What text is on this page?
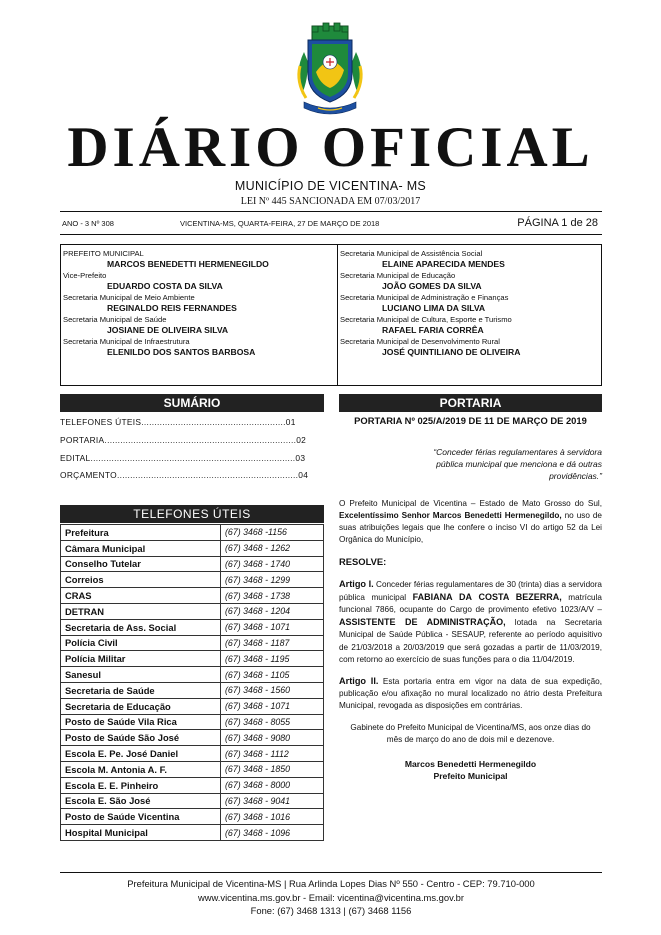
DIÁRIO OFICIAL
MUNICÍPIO DE VICENTINA- MS
LEI Nº 445 SANCIONADA EM 07/03/2017
ANO - 3 Nº 308	VICENTINA-MS, QUARTA-FEIRA, 27 DE MARÇO DE 2018	PÁGINA 1 de 28
PREFEITO MUNICIPAL
MARCOS BENEDETTI HERMENEGILDO
Vice-Prefeito
EDUARDO COSTA DA SILVA
Secretaria Municipal de Meio Ambiente
REGINALDO REIS FERNANDES
Secretaria Municipal de Saúde
JOSIANE DE OLIVEIRA SILVA
Secretaria Municipal de Infraestrutura
ELENILDO DOS SANTOS BARBOSA
Secretaria Municipal de Assistência Social
ELAINE APARECIDA MENDES
Secretaria Municipal de Educação
JOÃO GOMES DA SILVA
Secretaria Municipal de Administração e Finanças
LUCIANO LIMA DA SILVA
Secretaria Municipal de Cultura, Esporte e Turismo
RAFAEL FARIA CORRÊA
Secretaria Municipal de Desenvolvimento Rural
JOSÉ QUINTILIANO DE OLIVEIRA
SUMÁRIO	PORTARIA
TELEFONES ÚTEIS.......................................................01
PORTARIA.........................................................................02
EDITAL..............................................................................03
ORÇAMENTO.....................................................................04
TELEFONES ÚTEIS
Prefeitura	(67) 3468 -1156
Câmara Municipal	(67) 3468 - 1262
Conselho Tutelar	(67) 3468 - 1740
Correios	(67) 3468 - 1299
CRAS	(67) 3468 - 1738
DETRAN	(67) 3468 - 1204
Secretaria de Ass. Social	(67) 3468 - 1071
Polícia Civil	(67) 3468 - 1187
Polícia Militar	(67) 3468 - 1195
Sanesul	(67) 3468 - 1105
Secretaria de Saúde	(67) 3468 - 1560
Secretaria de Educação	(67) 3468 - 1071
Posto de Saúde Vila Rica	(67) 3468 - 8055
Posto de Saúde São José	(67) 3468 - 9080
Escola E. Pe. José Daniel	(67) 3468 - 1112
Escola M. Antonia A. F.	(67) 3468 - 1850
Escola E. E. Pinheiro	(67) 3468 - 8000
Escola E. São José	(67) 3468 - 9041
Posto de Saúde Vicentina	(67) 3468 - 1016
Hospital Municipal	(67) 3468 - 1096
PORTARIA Nº 025/A/2019 DE 11 DE MARÇO DE 2019
“Conceder férias regulamentares à servidora pública municipal que menciona e dá outras providências.”

O Prefeito Municipal de Vicentina – Estado de Mato Grosso do Sul, Excelentíssimo Senhor Marcos Benedetti Hermenegildo, no uso de suas atribuições legais que lhe confere o inciso VI do artigo 52 da Lei Orgânica do Município,

RESOLVE:

Artigo I. Conceder férias regulamentares de 30 (trinta) dias a servidora pública municipal FABIANA DA COSTA BEZERRA, matrícula funcional 7866, ocupante do Cargo de provimento efetivo 1023/A/V – ASSISTENTE DE ADMINISTRAÇÃO, lotada na Secretaria Municipal de Saúde Pública - SESAUP, referente ao período aquisitivo de 21/03/2018 a 20/03/2019 que será gozadas a partir de 11/03/2019, com retorno ao exercício de suas funções para o dia 11/04/2019.

Artigo II. Esta portaria entra em vigor na data de sua expedição, publicação e/ou afixação no mural localizado no átrio desta Prefeitura Municipal, revogada as disposições em contrárias.

Gabinete do Prefeito Municipal de Vicentina/MS, aos onze dias do mês de março do ano de dois mil e dezenove.

Marcos Benedetti Hermenegildo
Prefeito Municipal
Prefeitura Municipal de Vicentina-MS | Rua Arlinda Lopes Dias Nº 550 - Centro - CEP: 79.710-000
www.vicentina.ms.gov.br - Email: vicentina@vicentina.ms.gov.br
Fone: (67) 3468 1313 | (67) 3468 1156
